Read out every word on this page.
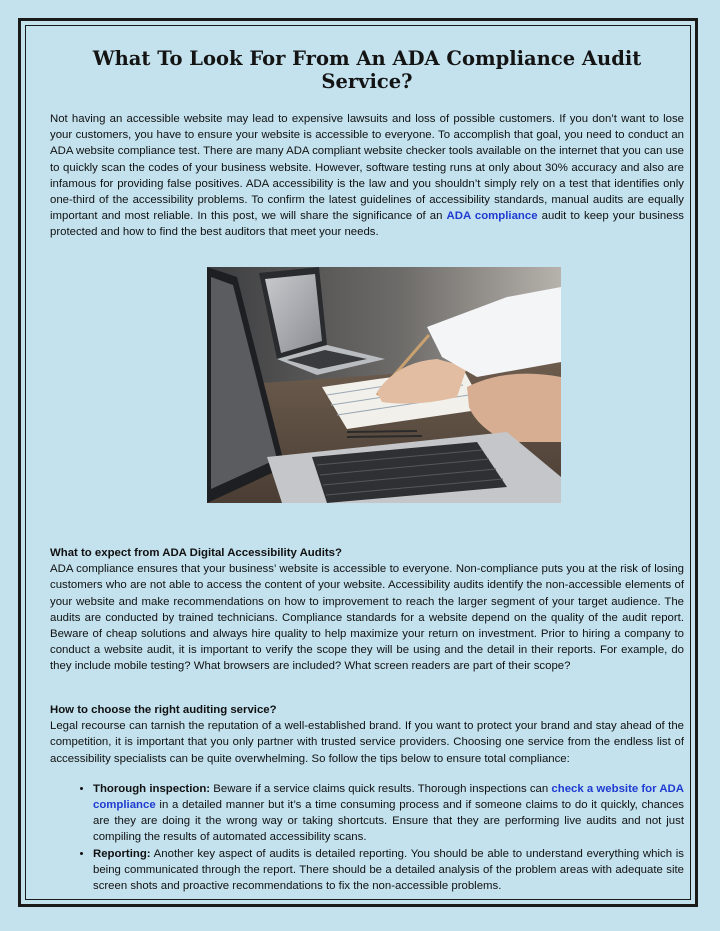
What To Look For From An ADA Compliance Audit Service?

Not having an accessible website may lead to expensive lawsuits and loss of possible customers. If you don’t want to lose your customers, you have to ensure your website is accessible to everyone. To accomplish that goal, you need to conduct an ADA website compliance test. There are many ADA compliant website checker tools available on the internet that you can use to quickly scan the codes of your business website. However, software testing runs at only about 30% accuracy and also are infamous for providing false positives. ADA accessibility is the law and you shouldn’t simply rely on a test that identifies only one-third of the accessibility problems. To confirm the latest guidelines of accessibility standards, manual audits are equally important and most reliable. In this post, we will share the significance of an ADA compliance audit to keep your business protected and how to find the best auditors that meet your needs.

What to expect from ADA Digital Accessibility Audits?

ADA compliance ensures that your business’ website is accessible to everyone. Non-compliance puts you at the risk of losing customers who are not able to access the content of your website. Accessibility audits identify the non-accessible elements of your website and make recommendations on how to improvement to reach the larger segment of your target audience. The audits are conducted by trained technicians. Compliance standards for a website depend on the quality of the audit report. Beware of cheap solutions and always hire quality to help maximize your return on investment. Prior to hiring a company to conduct a website audit, it is important to verify the scope they will be using and the detail in their reports. For example, do they include mobile testing? What browsers are included? What screen readers are part of their scope?

How to choose the right auditing service?

Legal recourse can tarnish the reputation of a well-established brand. If you want to protect your brand and stay ahead of the competition, it is important that you only partner with trusted service providers. Choosing one service from the endless list of accessibility specialists can be quite overwhelming. So follow the tips below to ensure total compliance:

• Thorough inspection: Beware if a service claims quick results. Thorough inspections can check a website for ADA compliance in a detailed manner but it’s a time consuming process and if someone claims to do it quickly, chances are they are doing it the wrong way or taking shortcuts. Ensure that they are performing live audits and not just compiling the results of automated accessibility scans.
• Reporting: Another key aspect of audits is detailed reporting. You should be able to understand everything which is being communicated through the report. There should be a detailed analysis of the problem areas with adequate site screen shots and proactive recommendations to fix the non-accessible problems.
